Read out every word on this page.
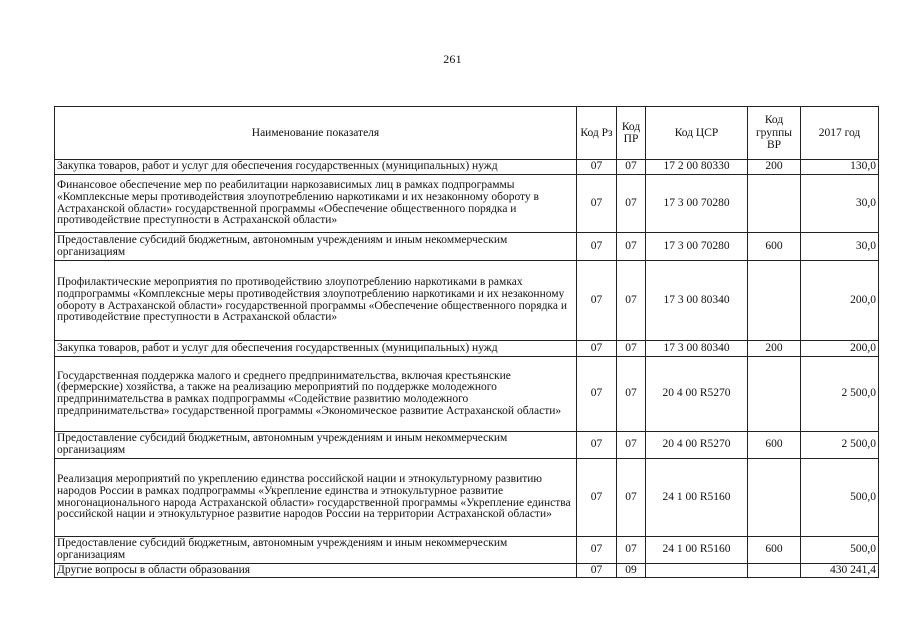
261
Наименование показателя	Код Рз	Код ПР	Код ЦСР	Код группы ВР	2017 год
Закупка товаров, работ и услуг для обеспечения государственных (муниципальных) нужд	07	07	17 2 00 80330	200	130,0
Финансовое обеспечение мер по реабилитации наркозависимых лиц в рамках подпрограммы «Комплексные меры противодействия злоупотреблению наркотиками и их незаконному обороту в Астраханской области» государственной программы «Обеспечение общественного порядка и противодействие преступности в Астраханской области»	07	07	17 3 00 70280		30,0
Предоставление субсидий бюджетным, автономным учреждениям и иным некоммерческим организациям	07	07	17 3 00 70280	600	30,0
Профилактические мероприятия по противодействию злоупотреблению наркотиками в рамках подпрограммы «Комплексные меры противодействия злоупотреблению наркотиками и их незаконному обороту в Астраханской области» государственной программы «Обеспечение общественного порядка и противодействие преступности в Астраханской области»	07	07	17 3 00 80340		200,0
Закупка товаров, работ и услуг для обеспечения государственных (муниципальных) нужд	07	07	17 3 00 80340	200	200,0
Государственная поддержка малого и среднего предпринимательства, включая крестьянские (фермерские) хозяйства, а также на реализацию мероприятий по поддержке молодежного предпринимательства в рамках подпрограммы «Содействие развитию молодежного предпринимательства» государственной программы «Экономическое развитие Астраханской области»	07	07	20 4 00 R5270		2 500,0
Предоставление субсидий бюджетным, автономным учреждениям и иным некоммерческим организациям	07	07	20 4 00 R5270	600	2 500,0
Реализация мероприятий по укреплению единства российской нации и этнокультурному развитию народов России в рамках подпрограммы «Укрепление единства и этнокультурное развитие многонационального народа Астраханской области» государственной программы «Укрепление единства российской нации и этнокультурное развитие народов России на территории Астраханской области»	07	07	24 1 00 R5160		500,0
Предоставление субсидий бюджетным, автономным учреждениям и иным некоммерческим организациям	07	07	24 1 00 R5160	600	500,0
Другие вопросы в области образования	07	09			430 241,4
